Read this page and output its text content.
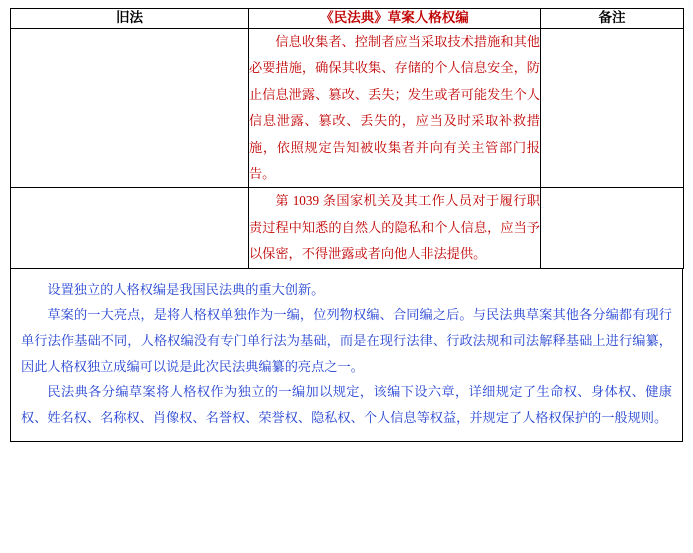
旧法	《民法典》草案人格权编	备注

	信息收集者、控制者应当采取技术措施和其他必要措施，确保其收集、存储的个人信息安全，防止信息泄露、篡改、丢失；发生或者可能发生个人信息泄露、篡改、丢失的，应当及时采取补救措施，依照规定告知被收集者并向有关主管部门报告。	

	第 1039 条国家机关及其工作人员对于履行职责过程中知悉的自然人的隐私和个人信息，应当予以保密，不得泄露或者向他人非法提供。	

设置独立的人格权编是我国民法典的重大创新。

草案的一大亮点，是将人格权单独作为一编，位列物权编、合同编之后。与民法典草案其他各分编都有现行单行法作基础不同，人格权编没有专门单行法为基础，而是在现行法律、行政法规和司法解释基础上进行编纂，因此人格权独立成编可以说是此次民法典编纂的亮点之一。

民法典各分编草案将人格权作为独立的一编加以规定，该编下设六章，详细规定了生命权、身体权、健康权、姓名权、名称权、肖像权、名誉权、荣誉权、隐私权、个人信息等权益，并规定了人格权保护的一般规则。
